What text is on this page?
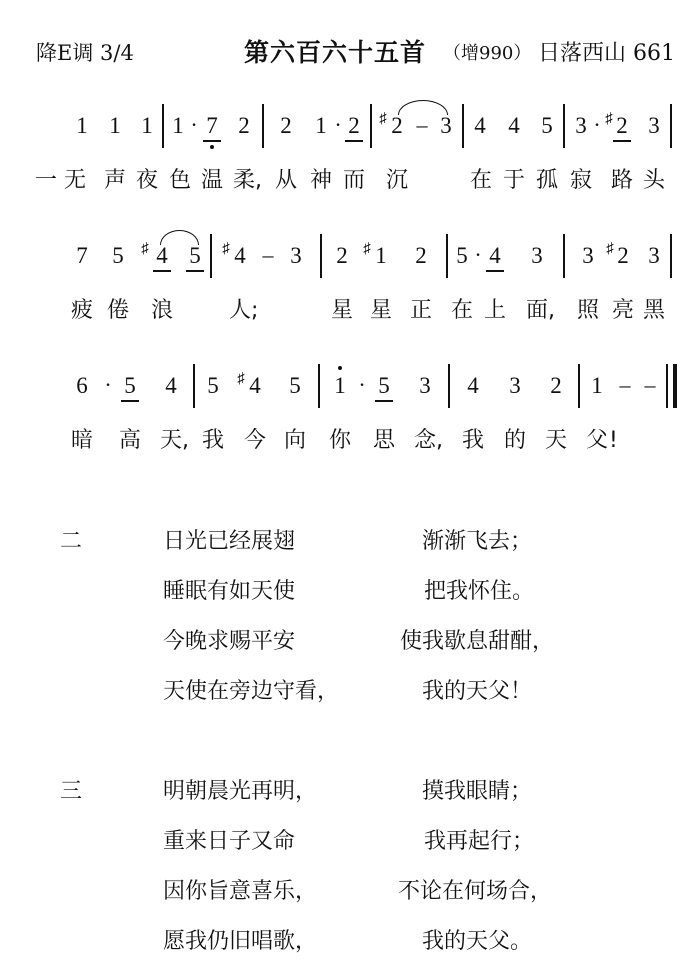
降E调 3/4	第六百六十五首 （增990） 日落西山 661
1 1 1 1 · 7 2 2 1 · 2	♯ 2 – 3 4 4 5 3 · ♯ 2 3
一 无 声 夜 色 温 柔 , 从 神 而 沉	在 于 孤 寂 路 头
7 5	♯ 4 5	♯ 4 – 3 2	♯ 1 2 5 · 4 3 3 ♯ 2 3
疲 倦 浪	人 ;	星 星 正 在 上 面 , 照 亮 黑
6 · 5 4 5	♯ 4 5 1 · 5 3 4 3 2 1 – –
暗 高 天 , 我 今 向 你 思 念 , 我 的 天 父 !
二	日光已经展翅	渐渐飞去；
睡眠有如天使	把我怀住。
今晚求赐平安	使我歇息甜酣，
天使在旁边守看，	我的天父！
三	明朝晨光再明，	摸我眼睛；
重来日子又命	我再起行；
因你旨意喜乐，	不论在何场合，
愿我仍旧唱歌，	我的天父。
